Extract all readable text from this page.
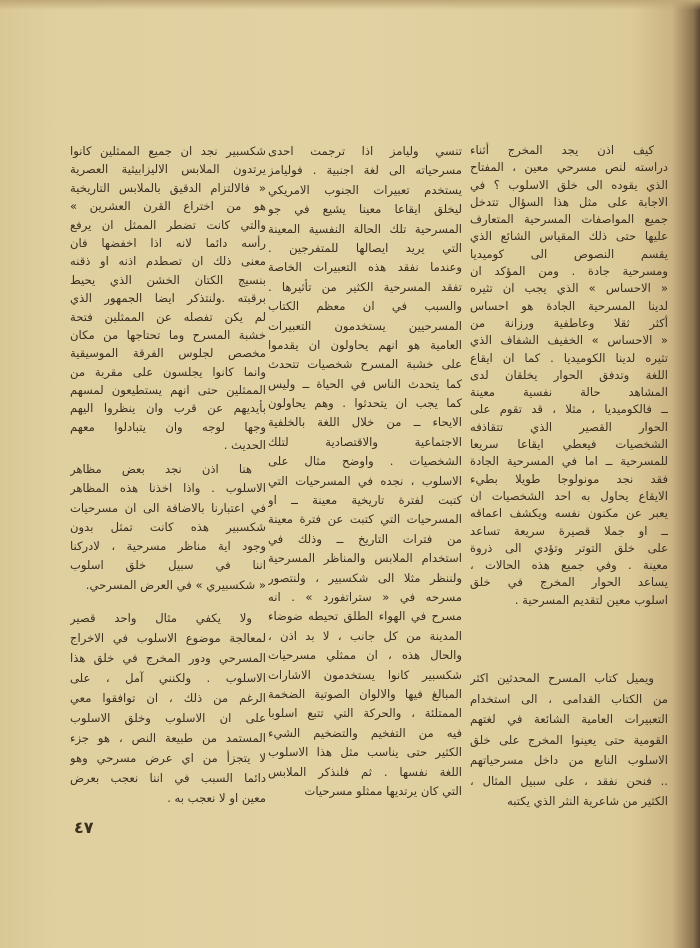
كيف اذن يجد المخرج أثناء
دراسته لنص مسرحي معين ، المفتاح
الذي يقوده الى خلق الاسلوب ؟ في
الاجابة على مثل هذا السؤال تتدخل
جميع المواصفات المسرحية المتعارف
عليها حتى ذلك المقياس الشائع الذي
يقسم النصوص الى كوميديا
ومسرحية جادة . ومن المؤكد ان
« الاحساس » الذي يجب ان تثيره
لدينا المسرحية الجادة هو احساس
أكثر ثقلا وعاطفية ورزانة من
« الاحساس » الخفيف الشفاف الذي
تثيره لدينا الكوميديا . كما ان ايقاع
اللغة وتدفق الحوار يخلقان لدى
المشاهد حالة نفسية معينة
ــ فالكوميديا ، مثلا ، قد تقوم على
الحوار القصير الذي تتقاذفه
الشخصيات فيعطي ايقاعا سريعا
للمسرحية ــ اما في المسرحية الجادة
فقد نجد مونولوجا طويلا بطيء
الايقاع يحاول به احد الشخصيات ان
يعبر عن مكنون نفسه ويكشف اعماقه
ــ او جملا قصيرة سريعة تساعد
على خلق التوتر وتؤدي الى ذروة
معينة . وفي جميع هذه الحالات ،
يساعد الحوار المخرج في خلق
اسلوب معين لتقديم المسرحية .
ويميل كتاب المسرح المحدثين اكثر
من الكتاب القدامى ، الى استخدام
التعبيرات العامية الشائعة في لغتهم
القومية حتى يعينوا المخرج على خلق
الاسلوب النابع من داخل مسرحياتهم
.. فنحن نفقد ، على سبيل المثال ،
الكثير من شاعرية النثر الذي يكتبه
تنسي وليامز اذا ترجمت احدى
مسرحياته الى لغة اجنبية . فوليامز
يستخدم تعبيرات الجنوب الامريكي
ليخلق ايقاعا معينا يشيع في جو
المسرحية تلك الحالة النفسية المعينة
التي يريد ايصالها للمتفرجين .
وعندما نفقد هذه التعبيرات الخاصة
تفقد المسرحية الكثير من تأثيرها .
والسبب في ان معظم الكتاب
المسرحيين يستخدمون التعبيرات
العامية هو انهم يحاولون ان يقدموا
على خشبة المسرح شخصيات تتحدث
كما يتحدث الناس في الحياة ــ وليس
كما يجب ان يتحدثوا . وهم يحاولون
الايحاء ــ من خلال اللغة بالخلفية
الاجتماعية والاقتصادية لتلك
الشخصيات . واوضح مثال على
الاسلوب ، نجده في المسرحيات التي
كتبت لفترة تاريخية معينة ــ او
المسرحيات التي كتبت عن فترة معينة
من فترات التاريخ ــ وذلك في
استخدام الملابس والمناظر المسرحية
ولننظر مثلا الى شكسبير ، ولنتصور
مسرحه في « ستراتفورد » . انه
مسرح في الهواء الطلق تحيطه ضوضاء
المدينة من كل جانب ، لا بد اذن ،
والحال هذه ، ان ممثلي مسرحيات
شكسبير كانوا يستخدمون الاشارات
المبالغ فيها والالوان الصوتية الضخمة
الممتلئة ، والحركة التي تتبع اسلوبا
فيه من التفخيم والتضخيم الشيء
الكثير حتى يناسب مثل هذا الاسلوب
اللغة نفسها . ثم فلنذكر الملابس
التي كان يرتديها ممثلو مسرحيات
شكسبير نجد ان جميع الممثلين كانوا
يرتدون الملابس الاليزابيثية العصرية
« فالالتزام الدقيق بالملابس التاريخية
هو من اختراع القرن العشرين »
والتي كانت تضطر الممثل ان يرفع
رأسه دائما لانه اذا اخفضها فان
معنى ذلك ان تصطدم اذنه او ذقنه
بنسيج الكتان الخشن الذي يحيط
برقبته .ولنتذكر ايضا الجمهور الذي
لم يكن تفصله عن الممثلين فتحة
خشبة المسرح وما تحتاجها من مكان
مخصص لجلوس الفرقة الموسيقية
وانما كانوا يجلسون على مقربة من
الممثلين حتى انهم يستطيعون لمسهم
بأيديهم عن قرب وان ينظروا اليهم
وجها لوجه وان يتبادلوا معهم
الحديث .
هنا اذن نجد بعض مظاهر
الاسلوب . واذا اخذنا هذه المظاهر
في اعتبارنا بالاضافة الى ان مسرحيات
شكسبير هذه كانت تمثل بدون
وجود اية مناظر مسرحية ، لادركنا
اننا في سبيل خلق اسلوب
« شكسبيري » في العرض المسرحي.
ولا يكفي مثال واحد قصير
لمعالجة موضوع الاسلوب في الاخراج
المسرحي ودور المخرج في خلق هذا
الاسلوب . ولكنني آمل ، على
الرغم من ذلك ، ان توافقوا معي
على ان الاسلوب وخلق الاسلوب
المستمد من طبيعة النص ، هو جزء
لا يتجزأ من اي عرض مسرحي وهو
دائما السبب في اننا نعجب بعرض
معين او لا نعجب به .
٤٧
